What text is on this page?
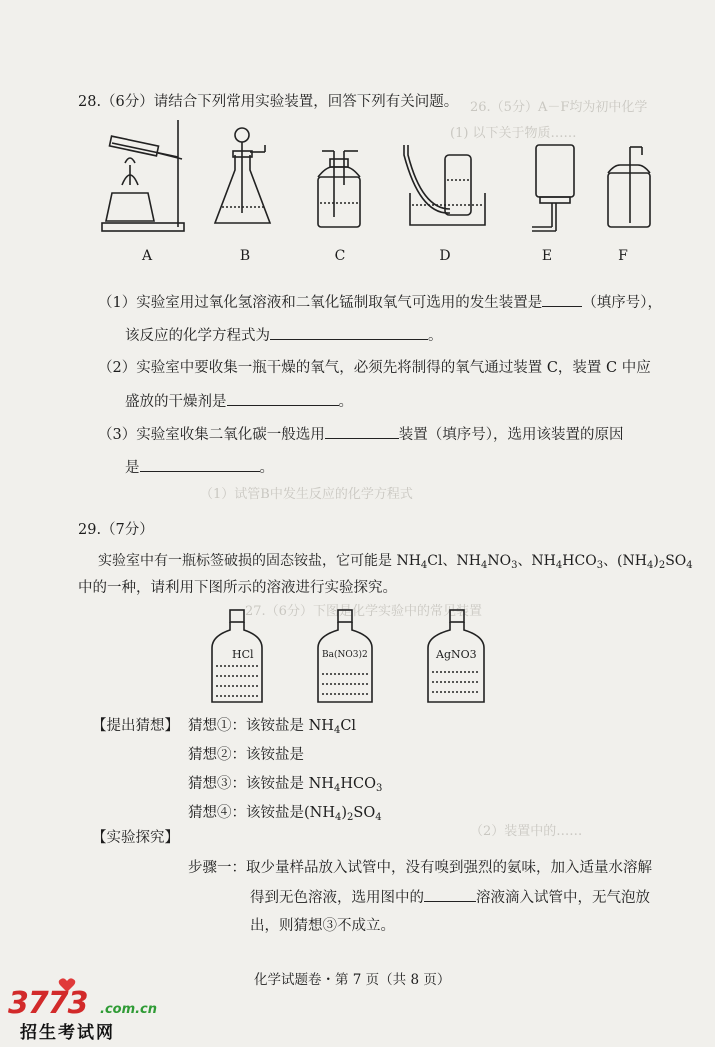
26.（5分）A－F均为初中化学
(1) 以下关于物质……
27.（6分）下图是化学实验中的常见装置
（1）试管B中发生反应的化学方程式
（2）装置中的……
28.（6分）请结合下列常用实验装置，回答下列有关问题。
A	B	C	D	E	F
（1）实验室用过氧化氢溶液和二氧化锰制取氧气可选用的发生装置是	（填序号），
该反应的化学方程式为	。
（2）实验室中要收集一瓶干燥的氧气，必须先将制得的氧气通过装置 C，装置 C 中应
盛放的干燥剂是	。
（3）实验室收集二氧化碳一般选用	装置（填序号），选用该装置的原因
是	。
29.（7分）
实验室中有一瓶标签破损的固态铵盐，它可能是 $NH_4Cl$、$NH_4NO_3$、$NH_4HCO_3$、$(NH_4)_2SO_4$
中的一种，请利用下图所示的溶液进行实验探究。
HCl	Ba(NO3)2	AgNO3
【提出猜想】 猜想①：该铵盐是 $NH_4Cl$
猜想②：该铵盐是
猜想③：该铵盐是 $NH_4HCO_3$
猜想④：该铵盐是$(NH_4)_2SO_4$
【实验探究】
步骤一：取少量样品放入试管中，没有嗅到强烈的氨味，加入适量水溶解
得到无色溶液，选用图中的	溶液滴入试管中，无气泡放
出，则猜想③不成立。
化学试题卷・第 7 页（共 8 页）
3773 .com.cn
招生考试网
